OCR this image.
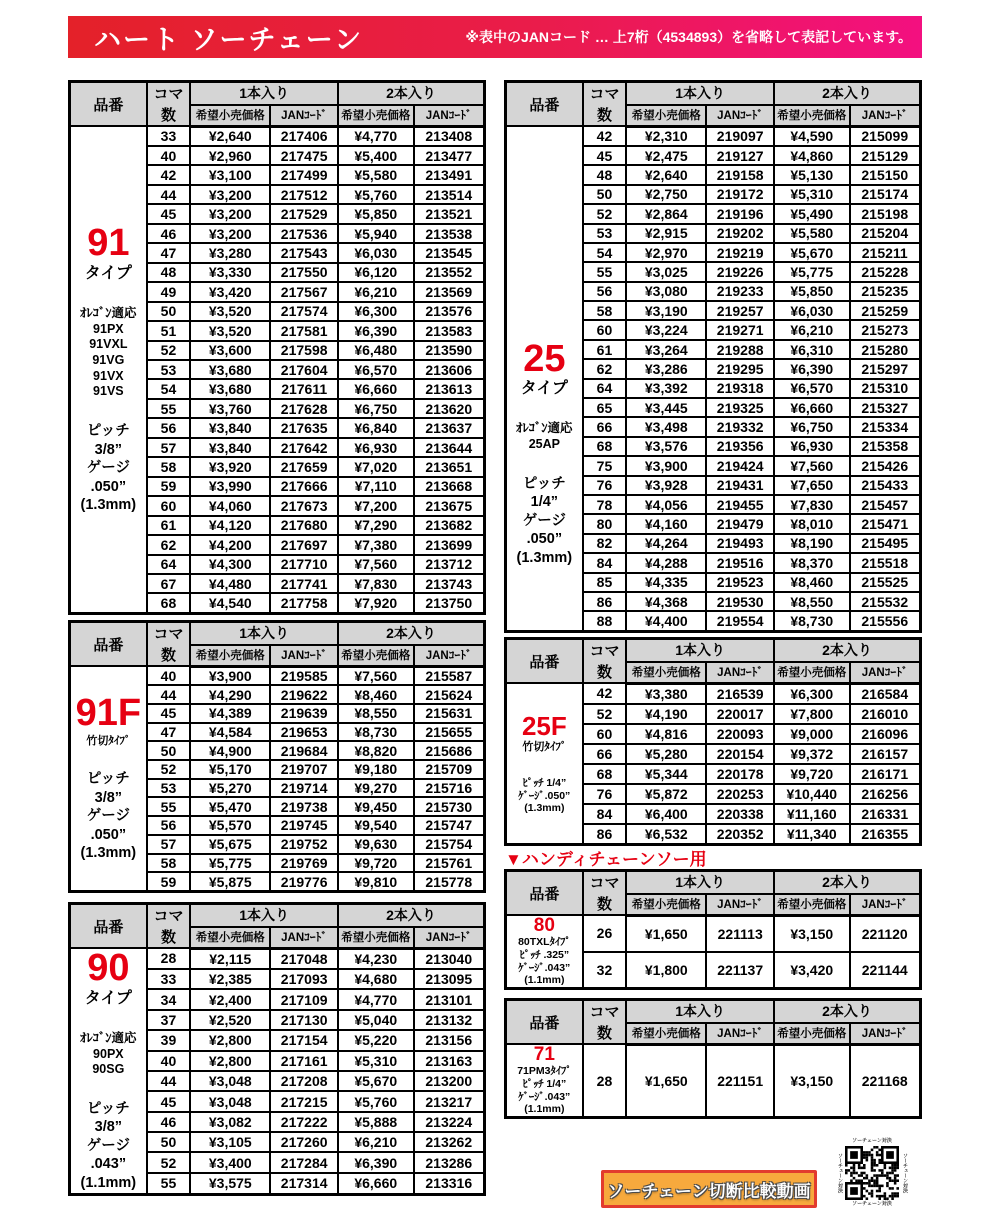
ハート ソーチェーン	※表中のJANコード … 上7桁（4534893）を省略して表記しています。
品番	コマ数	1本入り		2本入り	
		希望小売価格	JANｺｰﾄﾞ	希望小売価格	JANｺｰﾄﾞ

91
タイプ
ｵﾚｺﾞﾝ適応
91PX
91VXL
91VG
91VX
91VS
ピッチ
3/8”
ゲージ
.050”
(1.3mm)
	33	¥2,640	217406	¥4,770	213408
	40	¥2,960	217475	¥5,400	213477
	42	¥3,100	217499	¥5,580	213491
	44	¥3,200	217512	¥5,760	213514
	45	¥3,200	217529	¥5,850	213521
	46	¥3,200	217536	¥5,940	213538
	47	¥3,280	217543	¥6,030	213545
	48	¥3,330	217550	¥6,120	213552
	49	¥3,420	217567	¥6,210	213569
	50	¥3,520	217574	¥6,300	213576
	51	¥3,520	217581	¥6,390	213583
	52	¥3,600	217598	¥6,480	213590
	53	¥3,680	217604	¥6,570	213606
	54	¥3,680	217611	¥6,660	213613
	55	¥3,760	217628	¥6,750	213620
	56	¥3,840	217635	¥6,840	213637
	57	¥3,840	217642	¥6,930	213644
	58	¥3,920	217659	¥7,020	213651
	59	¥3,990	217666	¥7,110	213668
	60	¥4,060	217673	¥7,200	213675
	61	¥4,120	217680	¥7,290	213682
	62	¥4,200	217697	¥7,380	213699
	64	¥4,300	217710	¥7,560	213712
	67	¥4,480	217741	¥7,830	213743
	68	¥4,540	217758	¥7,920	213750
品番	コマ数	1本入り		2本入り	
		希望小売価格	JANｺｰﾄﾞ	希望小売価格	JANｺｰﾄﾞ

91F
竹切ﾀｲﾌﾟ
ピッチ
3/8”
ゲージ
.050”
(1.3mm)
	40	¥3,900	219585	¥7,560	215587
	44	¥4,290	219622	¥8,460	215624
	45	¥4,389	219639	¥8,550	215631
	47	¥4,584	219653	¥8,730	215655
	50	¥4,900	219684	¥8,820	215686
	52	¥5,170	219707	¥9,180	215709
	53	¥5,270	219714	¥9,270	215716
	55	¥5,470	219738	¥9,450	215730
	56	¥5,570	219745	¥9,540	215747
	57	¥5,675	219752	¥9,630	215754
	58	¥5,775	219769	¥9,720	215761
	59	¥5,875	219776	¥9,810	215778
品番	コマ数	1本入り		2本入り	
		希望小売価格	JANｺｰﾄﾞ	希望小売価格	JANｺｰﾄﾞ

90
タイプ
ｵﾚｺﾞﾝ適応
90PX
90SG
ピッチ
3/8”
ゲージ
.043”
(1.1mm)
	28	¥2,115	217048	¥4,230	213040
	33	¥2,385	217093	¥4,680	213095
	34	¥2,400	217109	¥4,770	213101
	37	¥2,520	217130	¥5,040	213132
	39	¥2,800	217154	¥5,220	213156
	40	¥2,800	217161	¥5,310	213163
	44	¥3,048	217208	¥5,670	213200
	45	¥3,048	217215	¥5,760	213217
	46	¥3,082	217222	¥5,888	213224
	50	¥3,105	217260	¥6,210	213262
	52	¥3,400	217284	¥6,390	213286
	55	¥3,575	217314	¥6,660	213316
品番	コマ数	1本入り		2本入り	
		希望小売価格	JANｺｰﾄﾞ	希望小売価格	JANｺｰﾄﾞ

25
タイプ
ｵﾚｺﾞﾝ適応
25AP
ピッチ
1/4”
ゲージ
.050”
(1.3mm)
	42	¥2,310	219097	¥4,590	215099
	45	¥2,475	219127	¥4,860	215129
	48	¥2,640	219158	¥5,130	215150
	50	¥2,750	219172	¥5,310	215174
	52	¥2,864	219196	¥5,490	215198
	53	¥2,915	219202	¥5,580	215204
	54	¥2,970	219219	¥5,670	215211
	55	¥3,025	219226	¥5,775	215228
	56	¥3,080	219233	¥5,850	215235
	58	¥3,190	219257	¥6,030	215259
	60	¥3,224	219271	¥6,210	215273
	61	¥3,264	219288	¥6,310	215280
	62	¥3,286	219295	¥6,390	215297
	64	¥3,392	219318	¥6,570	215310
	65	¥3,445	219325	¥6,660	215327
	66	¥3,498	219332	¥6,750	215334
	68	¥3,576	219356	¥6,930	215358
	75	¥3,900	219424	¥7,560	215426
	76	¥3,928	219431	¥7,650	215433
	78	¥4,056	219455	¥7,830	215457
	80	¥4,160	219479	¥8,010	215471
	82	¥4,264	219493	¥8,190	215495
	84	¥4,288	219516	¥8,370	215518
	85	¥4,335	219523	¥8,460	215525
	86	¥4,368	219530	¥8,550	215532
	88	¥4,400	219554	¥8,730	215556
品番	コマ数	1本入り		2本入り	
		希望小売価格	JANｺｰﾄﾞ	希望小売価格	JANｺｰﾄﾞ

25F
竹切ﾀｲﾌﾟ
ﾋﾟｯﾁ 1/4”
ｹﾞｰｼﾞ.050”
(1.3mm)	42	¥3,380	216539	¥6,300	216584
	52	¥4,190	220017	¥7,800	216010
	60	¥4,816	220093	¥9,000	216096
	66	¥5,280	220154	¥9,372	216157
	68	¥5,344	220178	¥9,720	216171
	76	¥5,872	220253	¥10,440	216256
	84	¥6,400	220338	¥11,160	216331
	86	¥6,532	220352	¥11,340	216355
品番	コマ数	1本入り		2本入り	
		希望小売価格	JANｺｰﾄﾞ	希望小売価格	JANｺｰﾄﾞ

80
80TXLﾀｲﾌﾟ
ﾋﾟｯﾁ .325”
ｹﾞｰｼﾞ.043”
(1.1mm)	26	¥1,650	221113	¥3,150	221120
	32	¥1,800	221137	¥3,420	221144
品番	コマ数	1本入り		2本入り	
		希望小売価格	JANｺｰﾄﾞ	希望小売価格	JANｺｰﾄﾞ

71
71PM3ﾀｲﾌﾟ
ﾋﾟｯﾁ 1/4”
ｹﾞｰｼﾞ.043”
(1.1mm)	28	¥1,650	221151	¥3,150	221168
▼ハンディチェーンソー用
ソーチェーン切断比較動画
ソーチェーン対決
ソーチェーン対決	ソーチェーン対決
ソーチェーン対決
